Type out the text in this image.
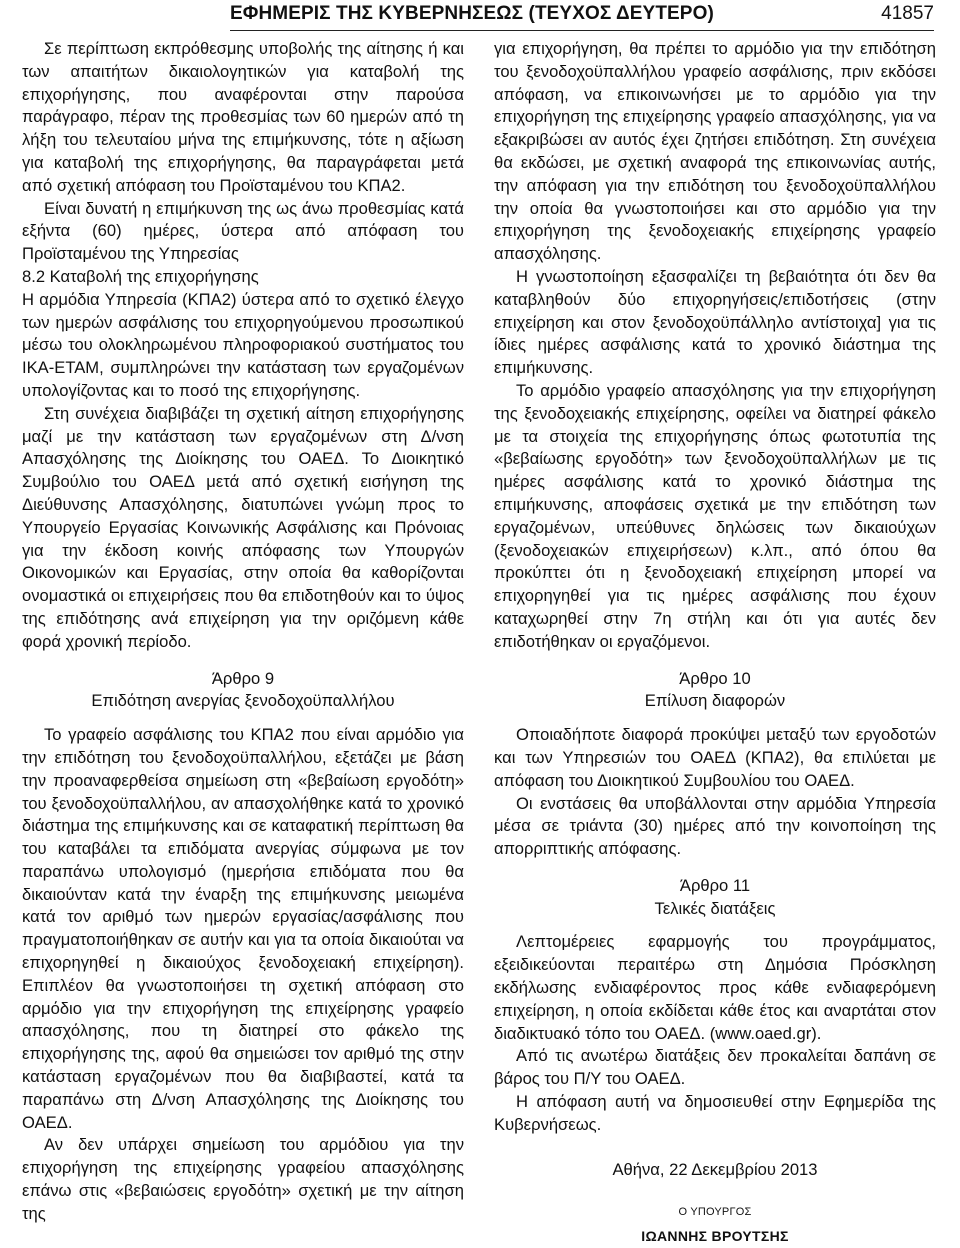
ΕΦΗΜΕΡΙΣ ΤΗΣ ΚΥΒΕΡΝΗΣΕΩΣ (ΤΕΥΧΟΣ ΔΕΥΤΕΡΟ)	41857

Σε περίπτωση εκπρόθεσμης υποβολής της αίτησης ή και των απαιτήτων δικαιολογητικών για καταβολή της επιχορήγησης, που αναφέρονται στην παρούσα παράγραφο, πέραν της προθεσμίας των 60 ημερών από τη λήξη του τελευταίου μήνα της επιμήκυνσης, τότε η αξίωση για καταβολή της επιχορήγησης, θα παραγράφεται μετά από σχετική απόφαση του Προϊσταμένου του ΚΠΑ2.

Είναι δυνατή η επιμήκυνση της ως άνω προθεσμίας κατά εξήντα (60) ημέρες, ύστερα από απόφαση του Προϊσταμένου της Υπηρεσίας

8.2 Καταβολή της επιχορήγησης

Η αρμόδια Υπηρεσία (ΚΠΑ2) ύστερα από το σχετικό έλεγχο των ημερών ασφάλισης του επιχορηγούμενου προσωπικού μέσω του ολοκληρωμένου πληροφοριακού συστήματος του ΙΚΑ-ΕΤΑΜ, συμπληρώνει την κατάσταση των εργαζομένων υπολογίζοντας και το ποσό της επιχορήγησης.

Στη συνέχεια διαβιβάζει τη σχετική αίτηση επιχορήγησης μαζί με την κατάσταση των εργαζομένων στη Δ/νση Απασχόλησης της Διοίκησης του ΟΑΕΔ. Το Διοικητικό Συμβούλιο του ΟΑΕΔ μετά από σχετική εισήγηση της Διεύθυνσης Απασχόλησης, διατυπώνει γνώμη προς το Υπουργείο Εργασίας Κοινωνικής Ασφάλισης και Πρόνοιας για την έκδοση κοινής απόφασης των Υπουργών Οικονομικών και Εργασίας, στην οποία θα καθορίζονται ονομαστικά οι επιχειρήσεις που θα επιδοτηθούν και το ύψος της επιδότησης ανά επιχείρηση για την οριζόμενη κάθε φορά χρονική περίοδο.

Άρθρο 9

Επιδότηση ανεργίας ξενοδοχοϋπαλλήλου

Το γραφείο ασφάλισης του ΚΠΑ2 που είναι αρμόδιο για την επιδότηση του ξενοδοχοϋπαλλήλου, εξετάζει με βάση την προαναφερθείσα σημείωση στη «βεβαίωση εργοδότη» του ξενοδοχοϋπαλλήλου, αν απασχολήθηκε κατά το χρονικό διάστημα της επιμήκυνσης και σε καταφατική περίπτωση θα του καταβάλει τα επιδόματα ανεργίας σύμφωνα με τον παραπάνω υπολογισμό (ημερήσια επιδόματα που θα δικαιούνταν κατά την έναρξη της επιμήκυνσης μειωμένα κατά τον αριθμό των ημερών εργασίας/ασφάλισης που πραγματοποιήθηκαν σε αυτήν και για τα οποία δικαιούται να επιχορηγηθεί η δικαιούχος ξενοδοχειακή επιχείρηση). Επιπλέον θα γνωστοποιήσει τη σχετική απόφαση στο αρμόδιο για την επιχορήγηση της επιχείρησης γραφείο απασχόλησης, που τη διατηρεί στο φάκελο της επιχορήγησης της, αφού θα σημειώσει τον αριθμό της στην κατάσταση εργαζομένων που θα διαβιβαστεί, κατά τα παραπάνω στη Δ/νση Απασχόλησης της Διοίκησης του ΟΑΕΔ.

Αν δεν υπάρχει σημείωση του αρμόδιου για την επιχορήγηση της επιχείρησης γραφείου απασχόλησης επάνω στις «βεβαιώσεις εργοδότη» σχετική με την αίτηση της

για επιχορήγηση, θα πρέπει το αρμόδιο για την επιδότηση του ξενοδοχοϋπαλλήλου γραφείο ασφάλισης, πριν εκδόσει απόφαση, να επικοινωνήσει με το αρμόδιο για την επιχορήγηση της επιχείρησης γραφείο απασχόλησης, για να εξακριβώσει αν αυτός έχει ζητήσει επιδότηση. Στη συνέχεια θα εκδώσει, με σχετική αναφορά της επικοινωνίας αυτής, την απόφαση για την επιδότηση του ξενοδοχοϋπαλλήλου την οποία θα γνωστοποιήσει και στο αρμόδιο για την επιχορήγηση της ξενοδοχειακής επιχείρησης γραφείο απασχόλησης.

Η γνωστοποίηση εξασφαλίζει τη βεβαιότητα ότι δεν θα καταβληθούν δύο επιχορηγήσεις/επιδοτήσεις (στην επιχείρηση και στον ξενοδοχοϋπάλληλο αντίστοιχα] για τις ίδιες ημέρες ασφάλισης κατά το χρονικό διάστημα της επιμήκυνσης.

Το αρμόδιο γραφείο απασχόλησης για την επιχορήγηση της ξενοδοχειακής επιχείρησης, οφείλει να διατηρεί φάκελο με τα στοιχεία της επιχορήγησης όπως φωτοτυπία της «βεβαίωσης εργοδότη» των ξενοδοχοϋπαλλήλων με τις ημέρες ασφάλισης κατά το χρονικό διάστημα της επιμήκυνσης, αποφάσεις σχετικά με την επιδότηση των εργαζομένων, υπεύθυνες δηλώσεις των δικαιούχων (ξενοδοχειακών επιχειρήσεων) κ.λπ., από όπου θα προκύπτει ότι η ξενοδοχειακή επιχείρηση μπορεί να επιχορηγηθεί για τις ημέρες ασφάλισης που έχουν καταχωρηθεί στην 7η στήλη και ότι για αυτές δεν επιδοτήθηκαν οι εργαζόμενοι.

Άρθρο 10

Επίλυση διαφορών

Οποιαδήποτε διαφορά προκύψει μεταξύ των εργοδοτών και των Υπηρεσιών του ΟΑΕΔ (ΚΠΑ2), θα επιλύεται με απόφαση του Διοικητικού Συμβουλίου του ΟΑΕΔ.

Οι ενστάσεις θα υποβάλλονται στην αρμόδια Υπηρεσία μέσα σε τριάντα (30) ημέρες από την κοινοποίηση της απορριπτικής απόφασης.

Άρθρο 11

Τελικές διατάξεις

Λεπτομέρειες εφαρμογής του προγράμματος, εξειδικεύονται περαιτέρω στη Δημόσια Πρόσκληση εκδήλωσης ενδιαφέροντος προς κάθε ενδιαφερόμενη επιχείρηση, η οποία εκδίδεται κάθε έτος και αναρτάται στον διαδικτυακό τόπο του ΟΑΕΔ. (www.oaed.gr).

Από τις ανωτέρω διατάξεις δεν προκαλείται δαπάνη σε βάρος του Π/Υ του ΟΑΕΔ.

Η απόφαση αυτή να δημοσιευθεί στην Εφημερίδα της Κυβερνήσεως.

Αθήνα, 22 Δεκεμβρίου 2013

Ο ΥΠΟΥΡΓΟΣ

ΙΩΑΝΝΗΣ ΒΡΟΥΤΣΗΣ
